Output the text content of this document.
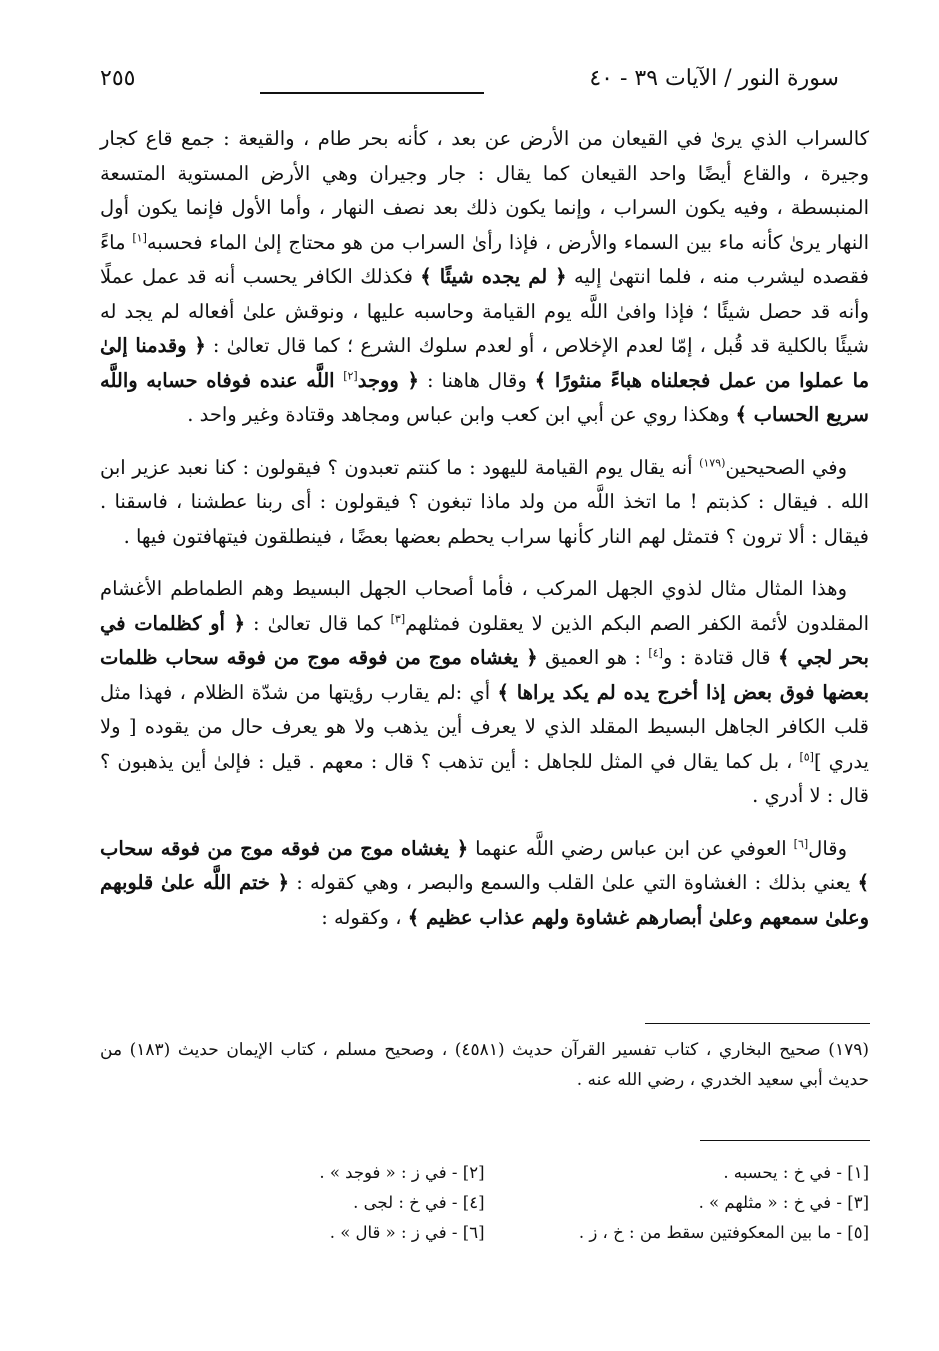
سورة النور / الآيات ٣٩ - ٤٠
٢٥٥

كالسراب الذي يرىٰ في القيعان من الأرض عن بعد ، كأنه بحر طام ، والقيعة : جمع قاع كجار وجيرة ، والقاع أيضًا واحد القيعان كما يقال : جار وجيران وهي الأرض المستوية المتسعة المنبسطة ، وفيه يكون السراب ، وإنما يكون ذلك بعد نصف النهار ، وأما الأول فإنما يكون أول النهار يرىٰ كأنه ماء بين السماء والأرض ، فإذا رأىٰ السراب من هو محتاج إلىٰ الماء فحسبه[١] ماءً فقصده ليشرب منه ، فلما انتهىٰ إليه ﴿ لم يجده شيئًا ﴾ فكذلك الكافر يحسب أنه قد عمل عملًا وأنه قد حصل شيئًا ؛ فإذا وافىٰ اللَّه يوم القيامة وحاسبه عليها ، ونوقش علىٰ أفعاله لم يجد له شيئًا بالكلية قد قُبل ، إمّا لعدم الإخلاص ، أو لعدم سلوك الشرع ؛ كما قال تعالىٰ : ﴿ وقدمنا إلىٰ ما عملوا من عمل فجعلناه هباءً منثورًا ﴾ وقال هاهنا : ﴿ ووجد[٢] اللَّه عنده فوفاه حسابه واللَّه سريع الحساب ﴾ وهكذا روي عن أبي ابن كعب وابن عباس ومجاهد وقتادة وغير واحد .

وفي الصحيحين$^{(١٧٩)}$ أنه يقال يوم القيامة لليهود : ما كنتم تعبدون ؟ فيقولون : كنا نعبد عزير ابن الله . فيقال : كذبتم ! ما اتخذ اللَّه من ولد ماذا تبغون ؟ فيقولون : أى ربنا عطشنا ، فاسقنا . فيقال : ألا ترون ؟ فتمثل لهم النار كأنها سراب يحطم بعضها بعضًا ، فينطلقون فيتهافتون فيها .

وهذا المثال مثال لذوي الجهل المركب ، فأما أصحاب الجهل البسيط وهم الطماطم الأغشام المقلدون لأئمة الكفر الصم البكم الذين لا يعقلون فمثلهم[٣] كما قال تعالىٰ : ﴿ أو كظلمات في بحر لجي ﴾ قال قتادة : و[٤] : هو العميق ﴿ يغشاه موج من فوقه موج من فوقه سحاب ظلمات بعضها فوق بعض إذا أخرج يده لم يكد يراها ﴾ أي :لم يقارب رؤيتها من شدّة الظلام ، فهذا مثل قلب الكافر الجاهل البسيط المقلد الذي لا يعرف أين يذهب ولا هو يعرف حال من يقوده [ ولا يدري ][٥] ، بل كما يقال في المثل للجاهل : أين تذهب ؟ قال : معهم . قيل : فإلىٰ أين يذهبون ؟ قال : لا أدري .

وقال[٦] العوفي عن ابن عباس رضي اللَّه عنهما ﴿ يغشاه موج من فوقه موج من فوقه سحاب ﴾ يعني بذلك : الغشاوة التي علىٰ القلب والسمع والبصر ، وهي كقوله : ﴿ ختم اللَّه علىٰ قلوبهم وعلىٰ سمعهم وعلىٰ أبصارهم غشاوة ولهم عذاب عظيم ﴾ ، وكقوله :

(١٧٩) صحيح البخاري ، كتاب تفسير القرآن حديث (٤٥٨١) ، وصحيح مسلم ، كتاب الإيمان حديث (١٨٣) من حديث أبي سعيد الخدري ، رضي الله عنه .
[١] - في خ : يحسبه .
[٢] - في ز : « فوجد » .
[٣] - في خ : « مثلهم » .
[٤] - في خ : لجى .
[٥] - ما بين المعكوفتين سقط من : خ ، ز .
[٦] - في ز : « قال » .
